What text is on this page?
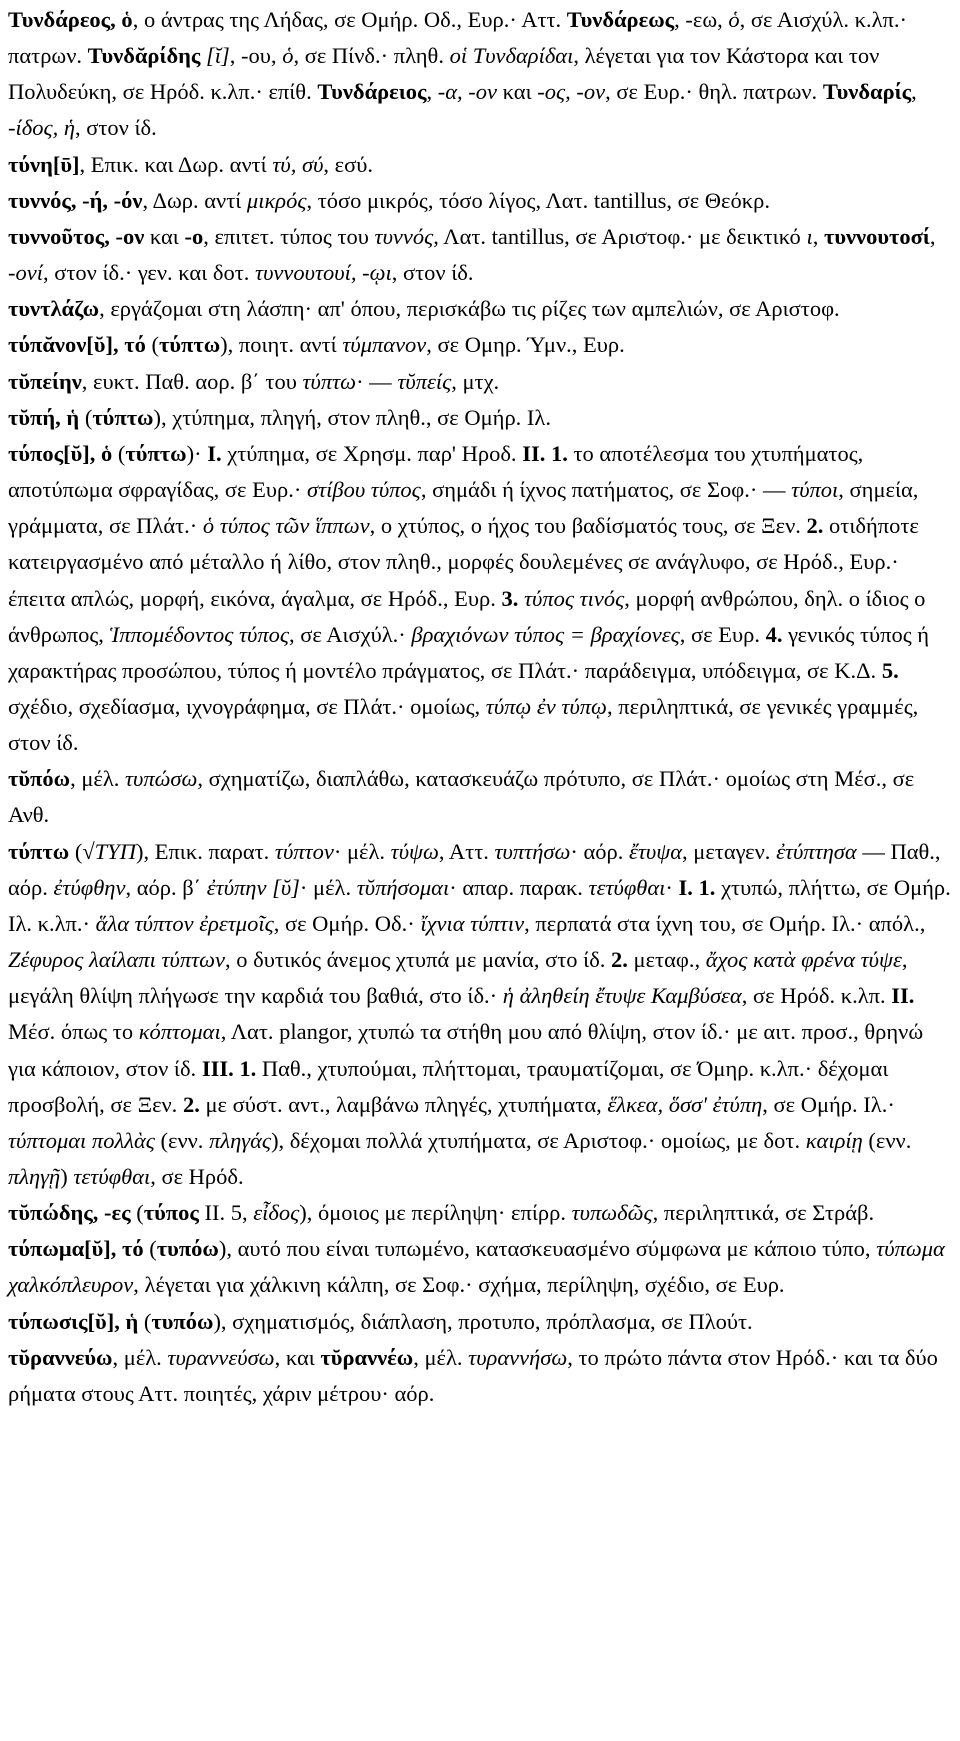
Τυνδάρεος, ὁ, ο άντρας της Λήδας, σε Ομήρ. Οδ., Ευρ.· Αττ. Τυνδάρεως, -εω, ὁ, σε Αισχύλ. κ.λπ.· πατρων. Τυνδᾰρίδης [ῐ], -ου, ὁ, σε Πίνδ.· πληθ. οἱ Τυνδαρίδαι, λέγεται για τον Κάστορα και τον Πολυδεύκη, σε Ηρόδ. κ.λπ.· επίθ. Τυνδάρειος, -α, -ον και -ος, -ον, σε Ευρ.· θηλ. πατρων. Τυνδαρίς, -ίδος, ἡ, στον ίδ.

τύνη[ῡ], Επικ. και Δωρ. αντί τύ, σύ, εσύ.

τυννός, -ή, -όν, Δωρ. αντί μικρός, τόσο μικρός, τόσο λίγος, Λατ. tantillus, σε Θεόκρ.

τυννοῦτος, -ον και -ο, επιτετ. τύπος του τυννός, Λατ. tantillus, σε Αριστοφ.· με δεικτικό ι, τυννουτοσί, -ονί, στον ίδ.· γεν. και δοτ. τυννουτουί, -ῳι, στον ίδ.

τυντλάζω, εργάζομαι στη λάσπη· απ' όπου, περισκάβω τις ρίζες των αμπελιών, σε Αριστοφ.

τύπᾰνον[ῠ], τό (τύπτω), ποιητ. αντί τύμπανον, σε Ομηρ. Ύμν., Ευρ.

τῠπείην, ευκτ. Παθ. αορ. β΄ του τύπτω· — τῠπείς, μτχ.

τῠπή, ἡ (τύπτω), χτύπημα, πληγή, στον πληθ., σε Ομήρ. Ιλ.

τύπος[ῠ], ὁ (τύπτω)· I. χτύπημα, σε Χρησμ. παρ' Ηροδ. II. 1. το αποτέλεσμα του χτυπήματος, αποτύπωμα σφραγίδας, σε Ευρ.· στίβου τύπος, σημάδι ή ίχνος πατήματος, σε Σοφ.· — τύποι, σημεία, γράμματα, σε Πλάτ.· ὁ τύπος τῶν ἵππων, ο χτύπος, ο ήχος του βαδίσματός τους, σε Ξεν. 2. οτιδήποτε κατειργασμένο από μέταλλο ή λίθο, στον πληθ., μορφές δουλεμένες σε ανάγλυφο, σε Ηρόδ., Ευρ.· έπειτα απλώς, μορφή, εικόνα, άγαλμα, σε Ηρόδ., Ευρ. 3. τύπος τινός, μορφή ανθρώπου, δηλ. ο ίδιος ο άνθρωπος, Ἱππομέδοντος τύπος, σε Αισχύλ.· βραχιόνων τύπος = βραχίονες, σε Ευρ. 4. γενικός τύπος ή χαρακτήρας προσώπου, τύπος ή μοντέλο πράγματος, σε Πλάτ.· παράδειγμα, υπόδειγμα, σε Κ.Δ. 5. σχέδιο, σχεδίασμα, ιχνογράφημα, σε Πλάτ.· ομοίως, τύπῳ ἐν τύπῳ, περιληπτικά, σε γενικές γραμμές, στον ίδ.

τῠπόω, μέλ. τυπώσω, σχηματίζω, διαπλάθω, κατασκευάζω πρότυπο, σε Πλάτ.· ομοίως στη Μέσ., σε Ανθ.

τύπτω (√ΤΥΠ), Επικ. παρατ. τύπτον· μέλ. τύψω, Αττ. τυπτήσω· αόρ. ἔτυψα, μεταγεν. ἐτύπτησα — Παθ., αόρ. ἐτύφθην, αόρ. β΄ ἐτύπην [ῠ]· μέλ. τῠπήσομαι· απαρ. παρακ. τετύφθαι· I. 1. χτυπώ, πλήττω, σε Ομήρ. Ιλ. κ.λπ.· ἅλα τύπτον ἐρετμοῖς, σε Ομήρ. Οδ.· ἴχνια τύπτιν, περπατά στα ίχνη του, σε Ομήρ. Ιλ.· απόλ., Ζέφυρος λαίλαπι τύπτων, ο δυτικός άνεμος χτυπά με μανία, στο ίδ. 2. μεταφ., ἄχος κατὰ φρένα τύψε, μεγάλη θλίψη πλήγωσε την καρδιά του βαθιά, στο ίδ.· ἡ ἀληθείη ἔτυψε Καμβύσεα, σε Ηρόδ. κ.λπ. II. Μέσ. όπως το κόπτομαι, Λατ. plangor, χτυπώ τα στήθη μου από θλίψη, στον ίδ.· με αιτ. προσ., θρηνώ για κάποιον, στον ίδ. III. 1. Παθ., χτυπούμαι, πλήττομαι, τραυματίζομαι, σε Όμηρ. κ.λπ.· δέχομαι προσβολή, σε Ξεν. 2. με σύστ. αντ., λαμβάνω πληγές, χτυπήματα, ἕλκεα, ὅσσ' ἐτύπη, σε Ομήρ. Ιλ.· τύπτομαι πολλὰς (ενν. πληγάς), δέχομαι πολλά χτυπήματα, σε Αριστοφ.· ομοίως, με δοτ. καιρίῃ (ενν. πληγῇ) τετύφθαι, σε Ηρόδ.

τῠπώδης, -ες (τύπος II. 5, εἶδος), όμοιος με περίληψη· επίρρ. τυπωδῶς, περιληπτικά, σε Στράβ.

τύπωμα[ῠ], τό (τυπόω), αυτό που είναι τυπωμένο, κατασκευασμένο σύμφωνα με κάποιο τύπο, τύπωμα χαλκόπλευρον, λέγεται για χάλκινη κάλπη, σε Σοφ.· σχήμα, περίληψη, σχέδιο, σε Ευρ.

τύπωσις[ῠ], ἡ (τυπόω), σχηματισμός, διάπλαση, προτυπο, πρόπλασμα, σε Πλούτ.

τῠραννεύω, μέλ. τυραννεύσω, και τῠραννέω, μέλ. τυραννήσω, το πρώτο πάντα στον Ηρόδ.· και τα δύο ρήματα στους Αττ. ποιητές, χάριν μέτρου· αόρ.
